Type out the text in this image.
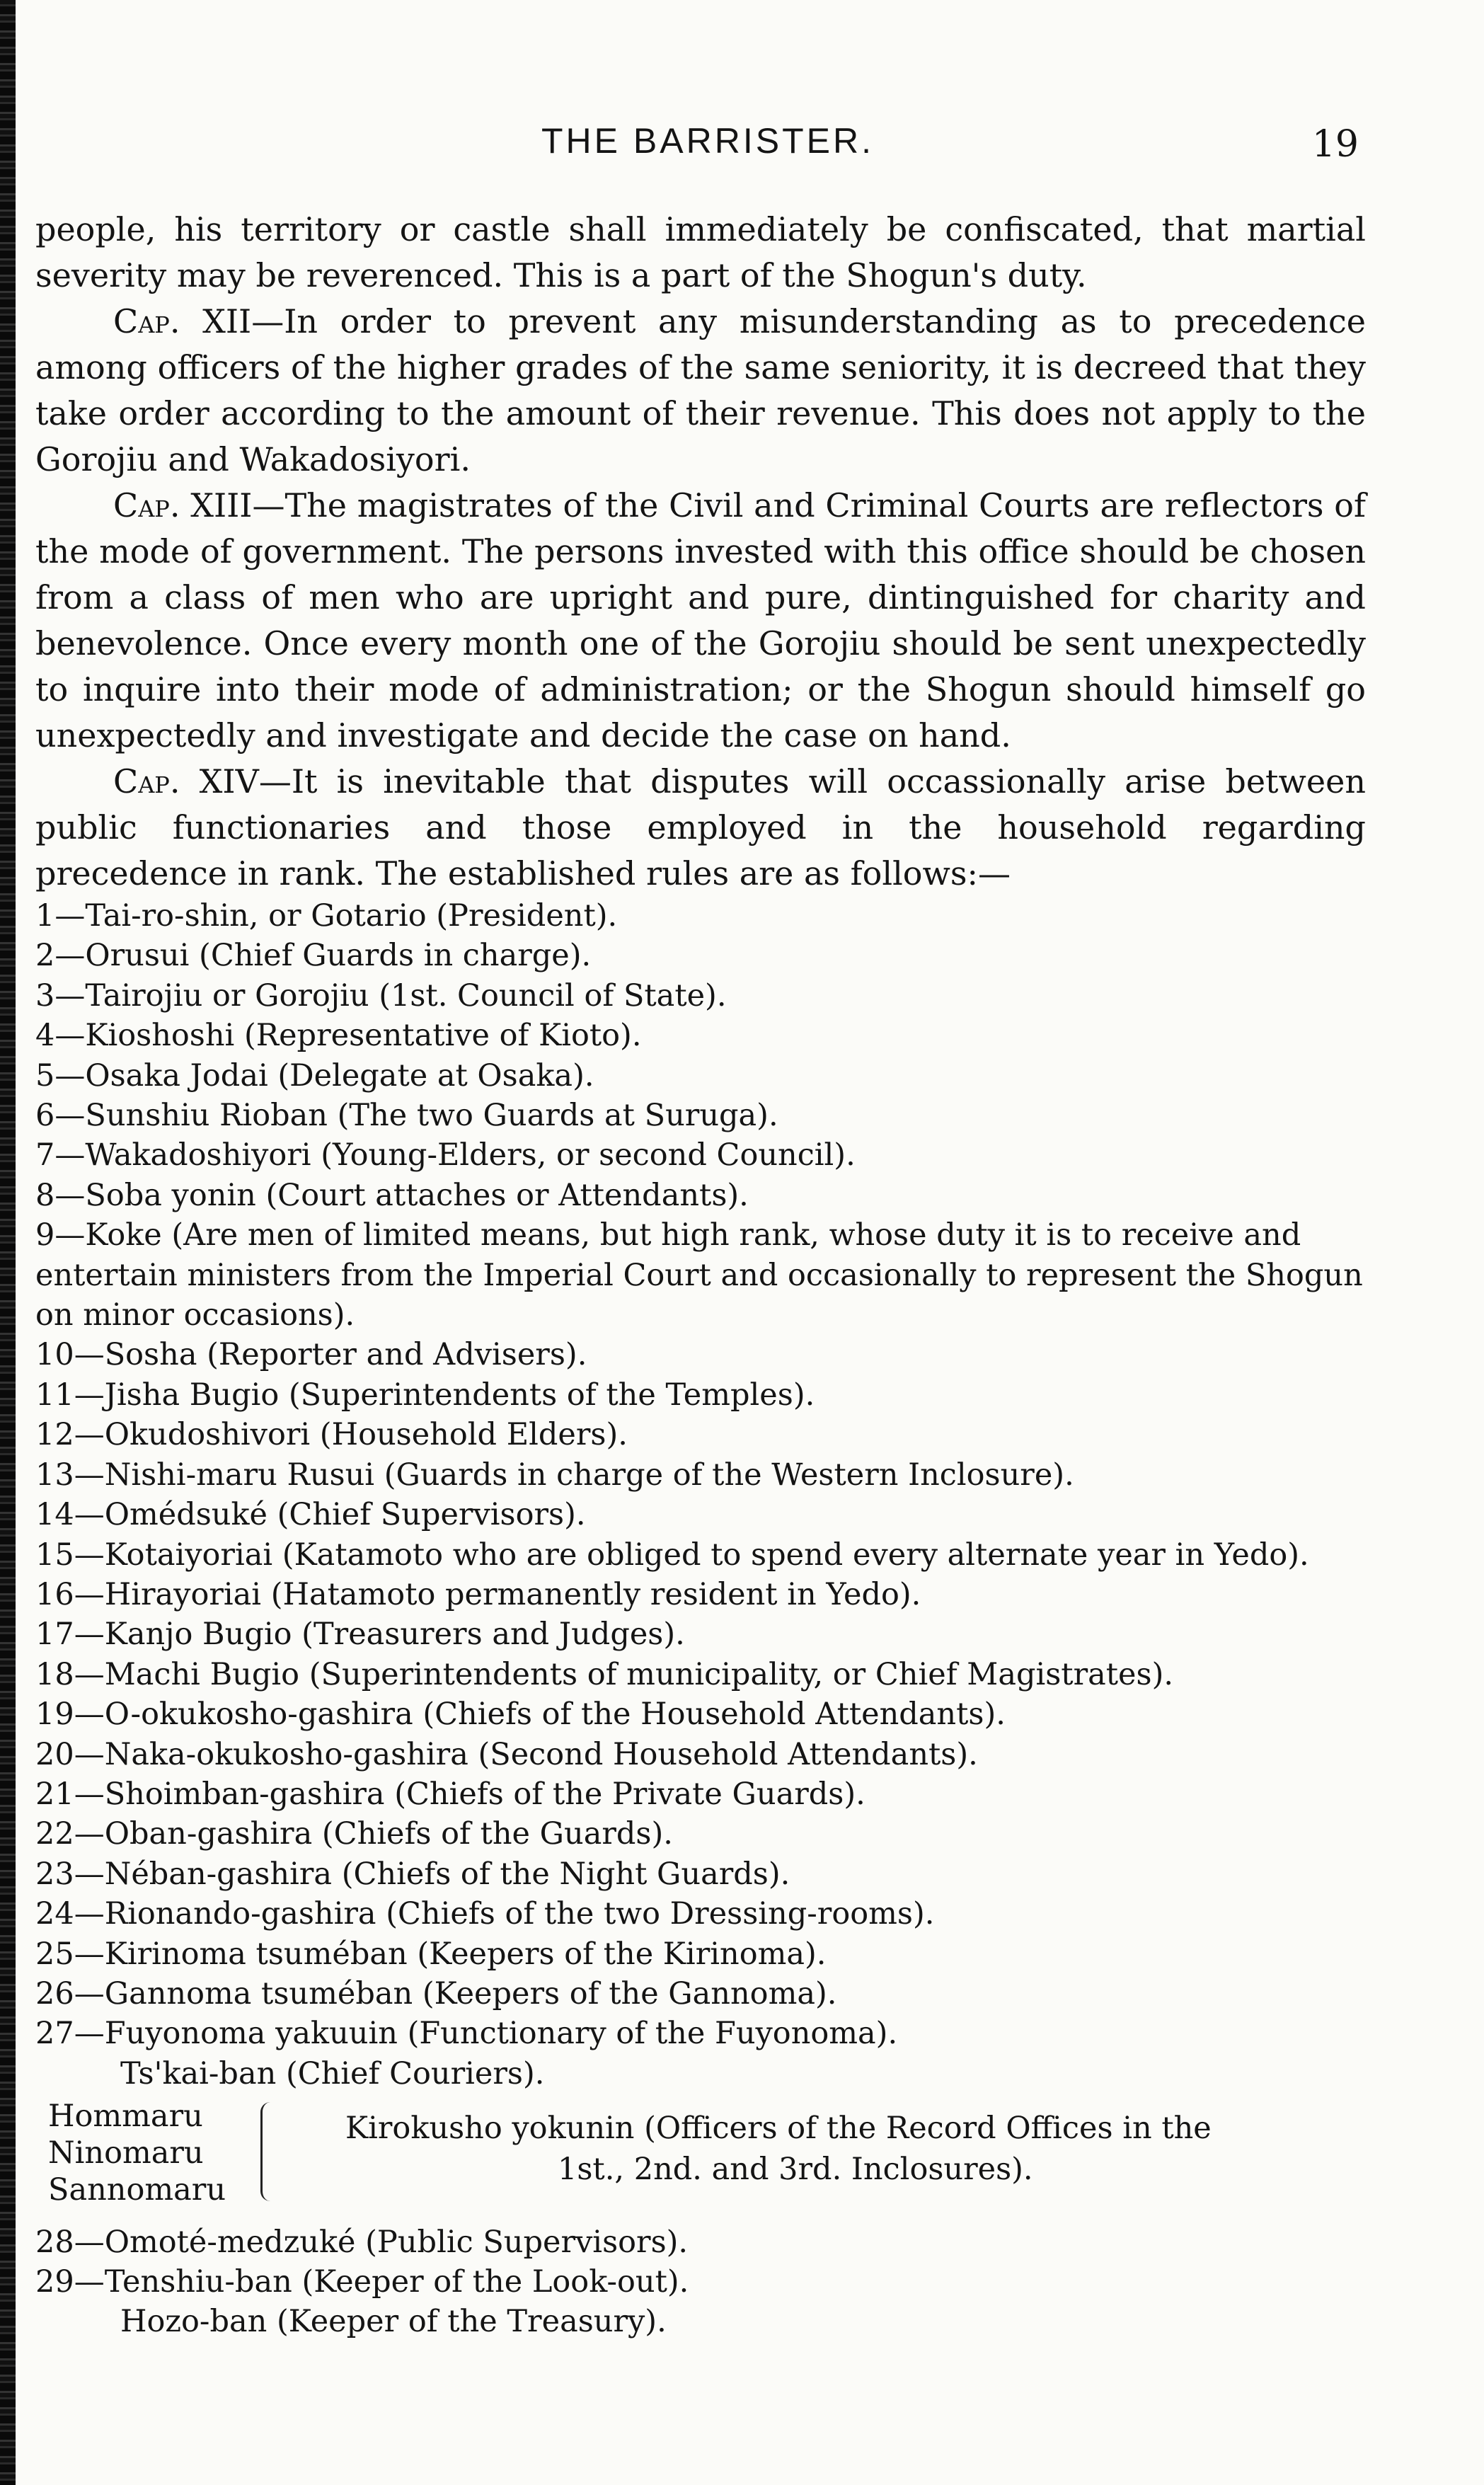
THE BARRISTER.	19

people, his territory or castle shall immediately be confiscated, that martial severity may be reverenced. This is a part of the Shogun's duty.

Cap. XII—In order to prevent any misunderstanding as to precedence among officers of the higher grades of the same seniority, it is decreed that they take order according to the amount of their revenue. This does not apply to the Gorojiu and Wakadosiyori.

Cap. XIII—The magistrates of the Civil and Criminal Courts are reflectors of the mode of government. The persons invested with this office should be chosen from a class of men who are upright and pure, dintinguished for charity and benevolence. Once every month one of the Gorojiu should be sent unexpectedly to inquire into their mode of administration; or the Shogun should himself go unexpectedly and investigate and decide the case on hand.

Cap. XIV—It is inevitable that disputes will occassionally arise between public functionaries and those employed in the household regarding precedence in rank. The established rules are as follows:—

1—Tai-ro-shin, or Gotario (President).
2—Orusui (Chief Guards in charge).
3—Tairojiu or Gorojiu (1st. Council of State).
4—Kioshoshi (Representative of Kioto).
5—Osaka Jodai (Delegate at Osaka).
6—Sunshiu Rioban (The two Guards at Suruga).
7—Wakadoshiyori (Young-Elders, or second Council).
8—Soba yonin (Court attaches or Attendants).
9—Koke (Are men of limited means, but high rank, whose duty it is to receive and entertain ministers from the Imperial Court and occasionally to represent the Shogun on minor occasions).
10—Sosha (Reporter and Advisers).
11—Jisha Bugio (Superintendents of the Temples).
12—Okudoshivori (Household Elders).
13—Nishi-maru Rusui (Guards in charge of the Western Inclosure).
14—Omédsuké (Chief Supervisors).
15—Kotaiyoriai (Katamoto who are obliged to spend every alternate year in Yedo).
16—Hirayoriai (Hatamoto permanently resident in Yedo).
17—Kanjo Bugio (Treasurers and Judges).
18—Machi Bugio (Superintendents of municipality, or Chief Magistrates).
19—O-okukosho-gashira (Chiefs of the Household Attendants).
20—Naka-okukosho-gashira (Second Household Attendants).
21—Shoimban-gashira (Chiefs of the Private Guards).
22—Oban-gashira (Chiefs of the Guards).
23—Néban-gashira (Chiefs of the Night Guards).
24—Rionando-gashira (Chiefs of the two Dressing-rooms).
25—Kirinoma tsuméban (Keepers of the Kirinoma).
26—Gannoma tsuméban (Keepers of the Gannoma).
27—Fuyonoma yakuuin (Functionary of the Fuyonoma).
Ts'kai-ban (Chief Couriers).
Hommaru
Ninomaru
Sannomaru
Kirokusho yokunin (Officers of the Record Offices in the
1st., 2nd. and 3rd. Inclosures).
28—Omoté-medzuké (Public Supervisors).
29—Tenshiu-ban (Keeper of the Look-out).
Hozo-ban (Keeper of the Treasury).
